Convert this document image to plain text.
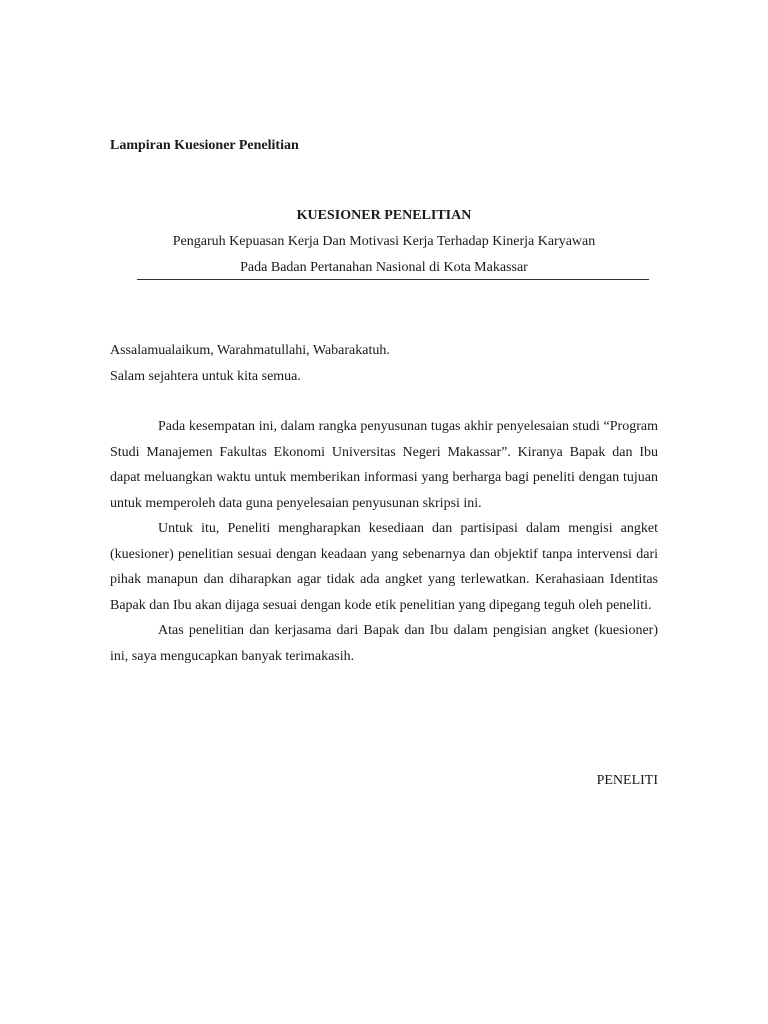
Lampiran Kuesioner Penelitian
KUESIONER PENELITIAN
Pengaruh Kepuasan Kerja Dan Motivasi Kerja Terhadap Kinerja Karyawan
Pada Badan Pertanahan Nasional di Kota Makassar
Assalamualaikum, Warahmatullahi, Wabarakatuh.
Salam sejahtera untuk kita semua.

Pada kesempatan ini, dalam rangka penyusunan tugas akhir penyelesaian studi “Program Studi Manajemen Fakultas Ekonomi Universitas Negeri Makassar”. Kiranya Bapak dan Ibu dapat meluangkan waktu untuk memberikan informasi yang berharga bagi peneliti dengan tujuan untuk memperoleh data guna penyelesaian penyusunan skripsi ini.

Untuk itu, Peneliti mengharapkan kesediaan dan partisipasi dalam mengisi angket (kuesioner) penelitian sesuai dengan keadaan yang sebenarnya dan objektif tanpa intervensi dari pihak manapun dan diharapkan agar tidak ada angket yang terlewatkan. Kerahasiaan Identitas Bapak dan Ibu akan dijaga sesuai dengan kode etik penelitian yang dipegang teguh oleh peneliti.

Atas penelitian dan kerjasama dari Bapak dan Ibu dalam pengisian angket (kuesioner) ini, saya mengucapkan banyak terimakasih.

PENELITI
